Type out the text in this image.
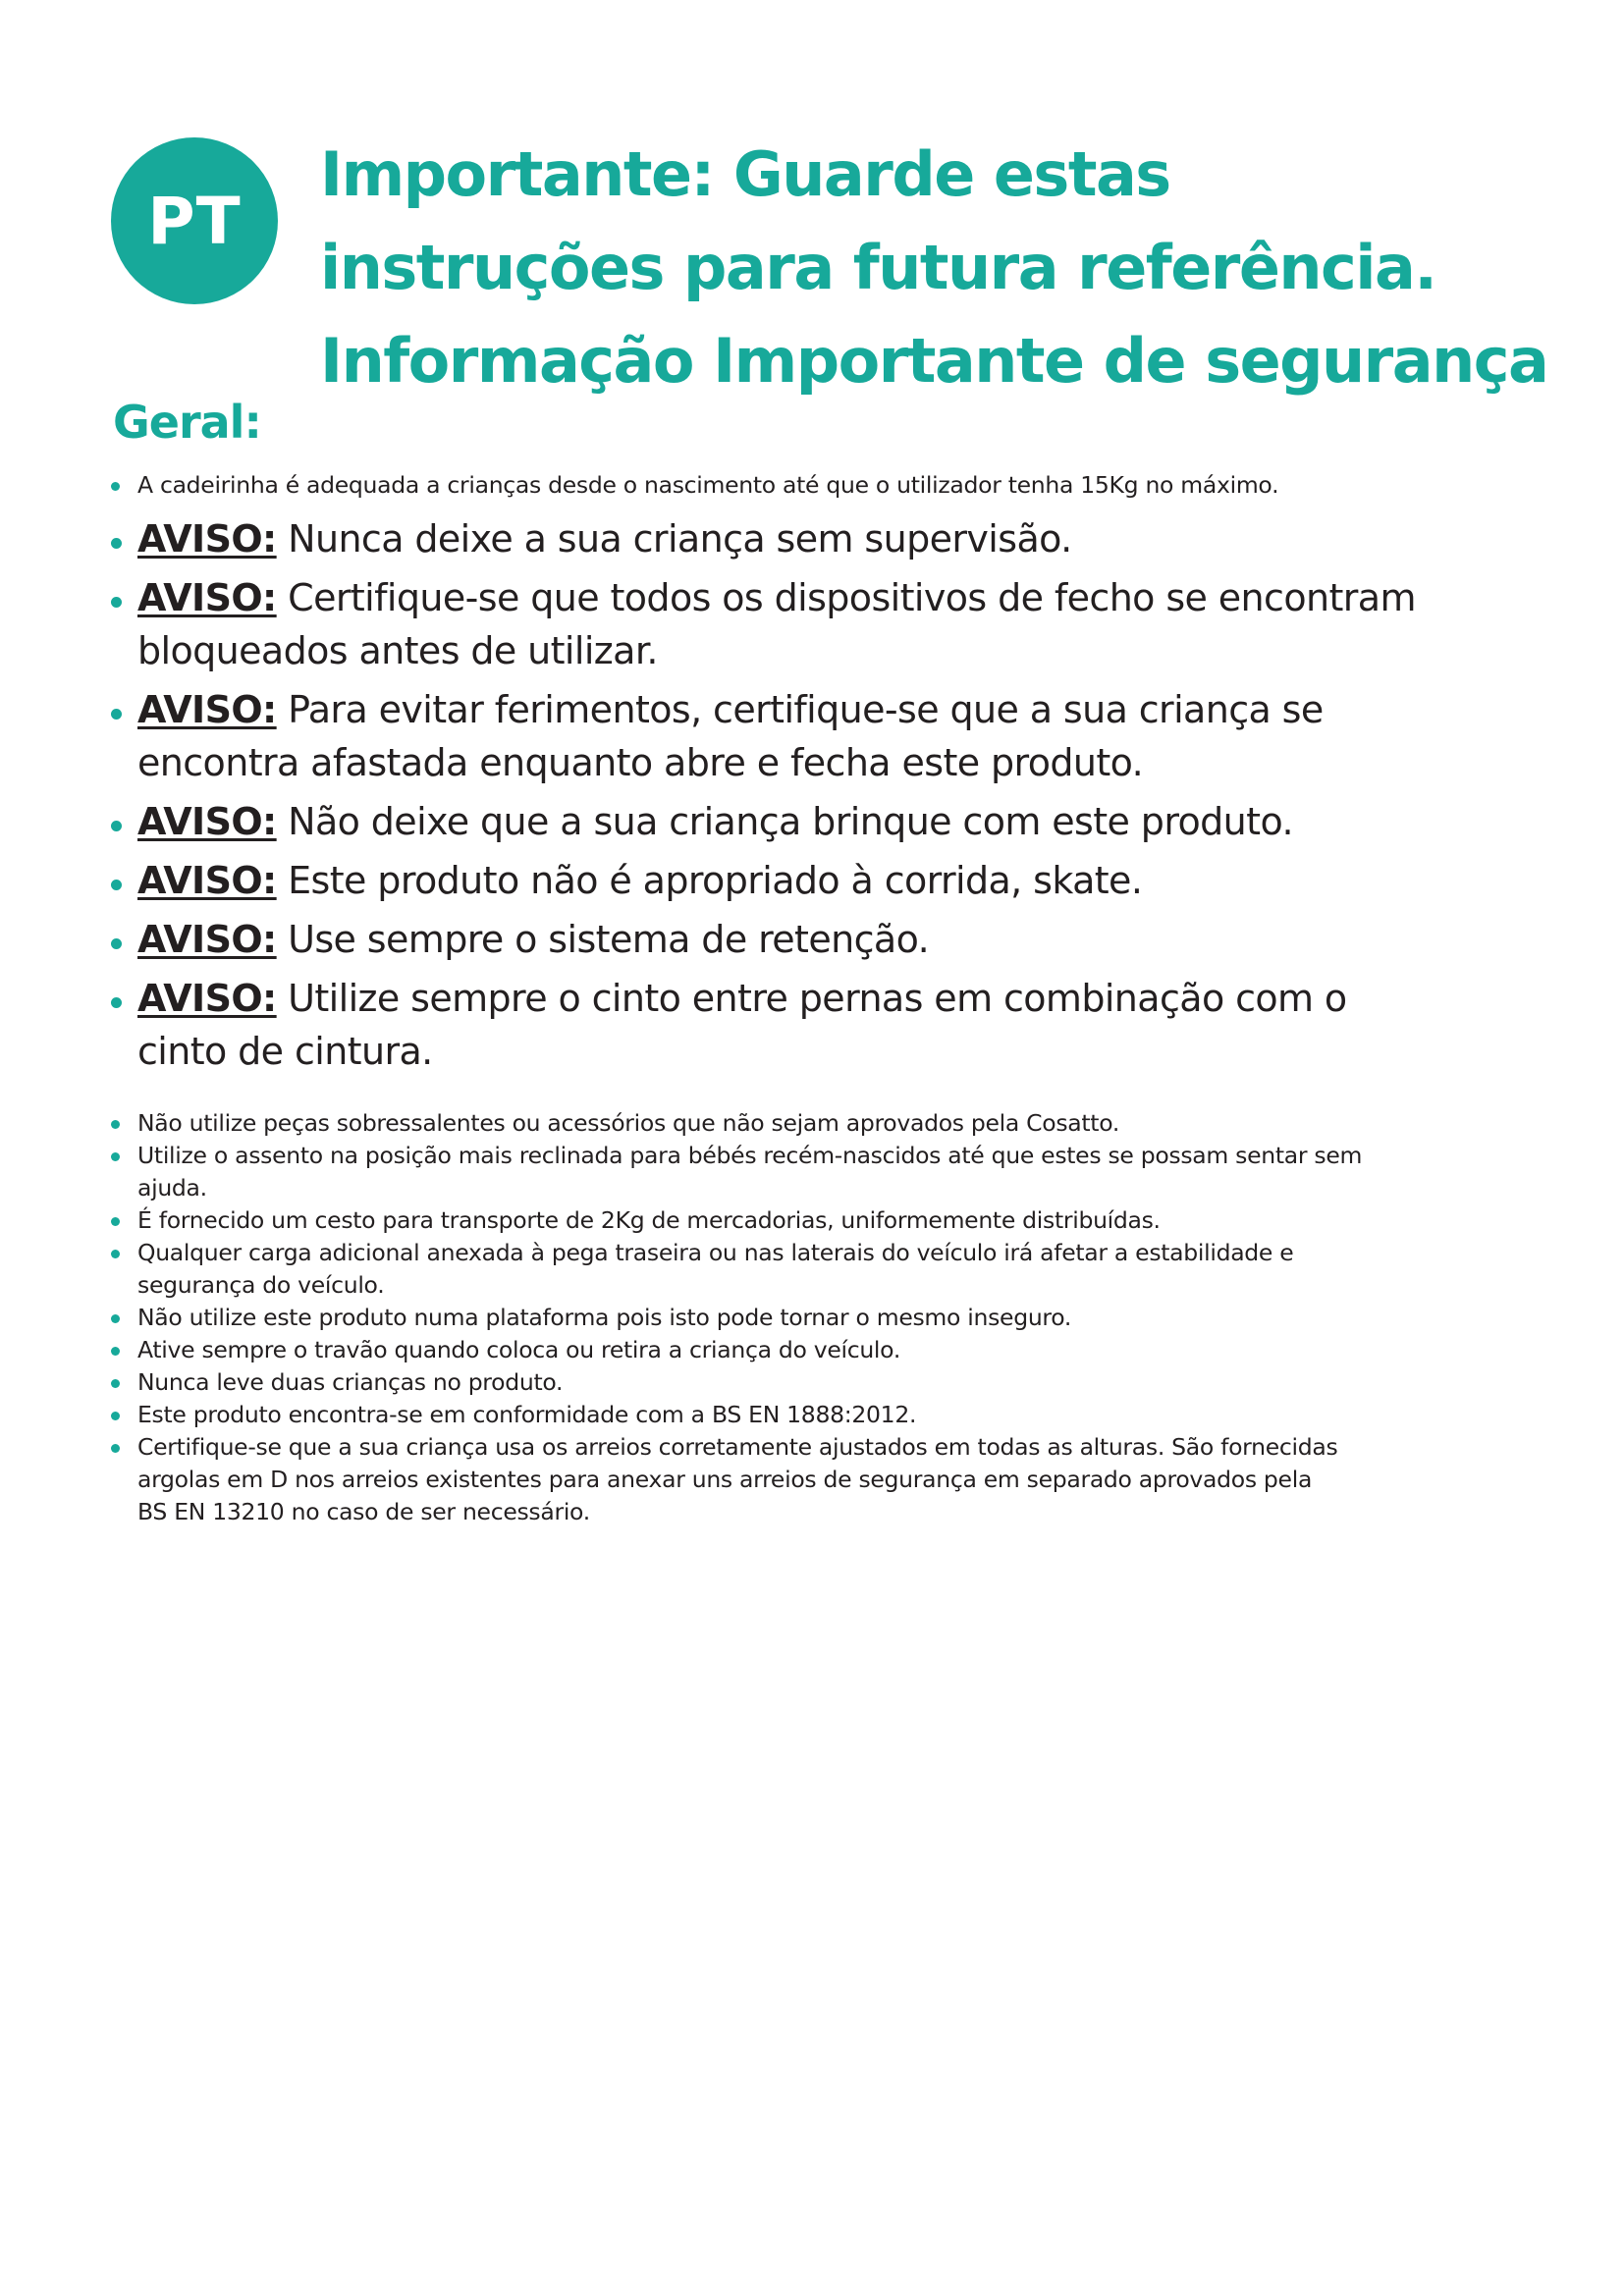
PT
Importante: Guarde estas
instruções para futura referência.
Informação Importante de segurança
Geral:
A cadeirinha é adequada a crianças desde o nascimento até que o utilizador tenha 15Kg no máximo.
AVISO: Nunca deixe a sua criança sem supervisão.
AVISO: Certifique-se que todos os dispositivos de fecho se encontram
bloqueados antes de utilizar.
AVISO: Para evitar ferimentos, certifique-se que a sua criança se
encontra afastada enquanto abre e fecha este produto.
AVISO: Não deixe que a sua criança brinque com este produto.
AVISO: Este produto não é apropriado à corrida, skate.
AVISO: Use sempre o sistema de retenção.
AVISO: Utilize sempre o cinto entre pernas em combinação com o
cinto de cintura.
Não utilize peças sobressalentes ou acessórios que não sejam aprovados pela Cosatto.
Utilize o assento na posição mais reclinada para bébés recém-nascidos até que estes se possam sentar sem
ajuda.
É fornecido um cesto para transporte de 2Kg de mercadorias, uniformemente distribuídas.
Qualquer carga adicional anexada à pega traseira ou nas laterais do veículo irá afetar a estabilidade e
segurança do veículo.
Não utilize este produto numa plataforma pois isto pode tornar o mesmo inseguro.
Ative sempre o travão quando coloca ou retira a criança do veículo.
Nunca leve duas crianças no produto.
Este produto encontra-se em conformidade com a BS EN 1888:2012.
Certifique-se que a sua criança usa os arreios corretamente ajustados em todas as alturas. São fornecidas
argolas em D nos arreios existentes para anexar uns arreios de segurança em separado aprovados pela
BS EN 13210 no caso de ser necessário.
